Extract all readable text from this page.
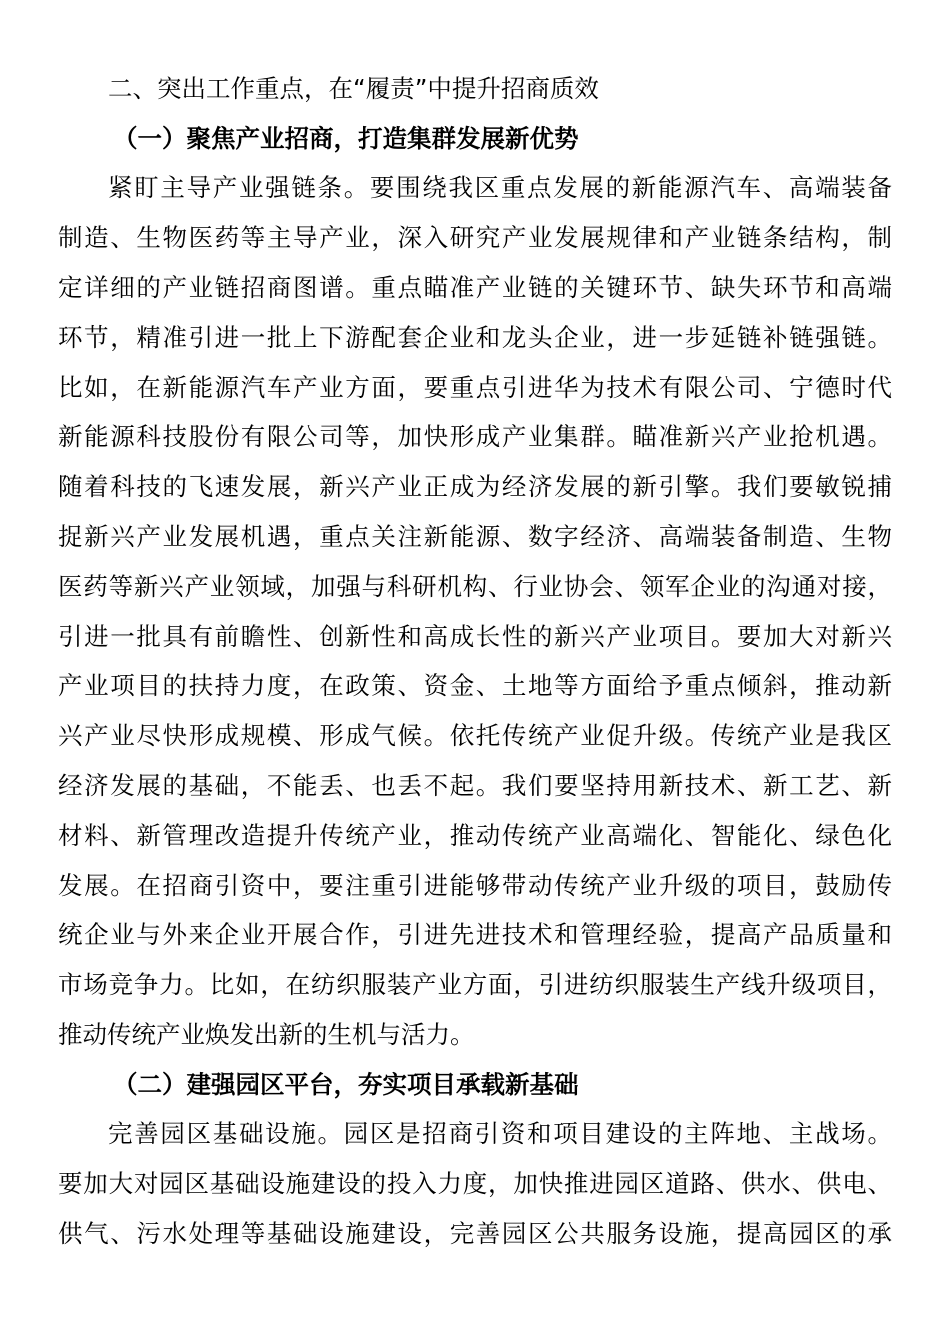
二、突出工作重点，在“履责”中提升招商质效
（一）聚焦产业招商，打造集群发展新优势
紧盯主导产业强链条。要围绕我区重点发展的新能源汽车、高端装备
制造、生物医药等主导产业，深入研究产业发展规律和产业链条结构，制
定详细的产业链招商图谱。重点瞄准产业链的关键环节、缺失环节和高端
环节，精准引进一批上下游配套企业和龙头企业，进一步延链补链强链。
比如，在新能源汽车产业方面，要重点引进华为技术有限公司、宁德时代
新能源科技股份有限公司等，加快形成产业集群。瞄准新兴产业抢机遇。
随着科技的飞速发展，新兴产业正成为经济发展的新引擎。我们要敏锐捕
捉新兴产业发展机遇，重点关注新能源、数字经济、高端装备制造、生物
医药等新兴产业领域，加强与科研机构、行业协会、领军企业的沟通对接，
引进一批具有前瞻性、创新性和高成长性的新兴产业项目。要加大对新兴
产业项目的扶持力度，在政策、资金、土地等方面给予重点倾斜，推动新
兴产业尽快形成规模、形成气候。依托传统产业促升级。传统产业是我区
经济发展的基础，不能丢、也丢不起。我们要坚持用新技术、新工艺、新
材料、新管理改造提升传统产业，推动传统产业高端化、智能化、绿色化
发展。在招商引资中，要注重引进能够带动传统产业升级的项目，鼓励传
统企业与外来企业开展合作，引进先进技术和管理经验，提高产品质量和
市场竞争力。比如，在纺织服装产业方面，引进纺织服装生产线升级项目，
推动传统产业焕发出新的生机与活力。
（二）建强园区平台，夯实项目承载新基础
完善园区基础设施。园区是招商引资和项目建设的主阵地、主战场。
要加大对园区基础设施建设的投入力度，加快推进园区道路、供水、供电、
供气、污水处理等基础设施建设，完善园区公共服务设施，提高园区的承
